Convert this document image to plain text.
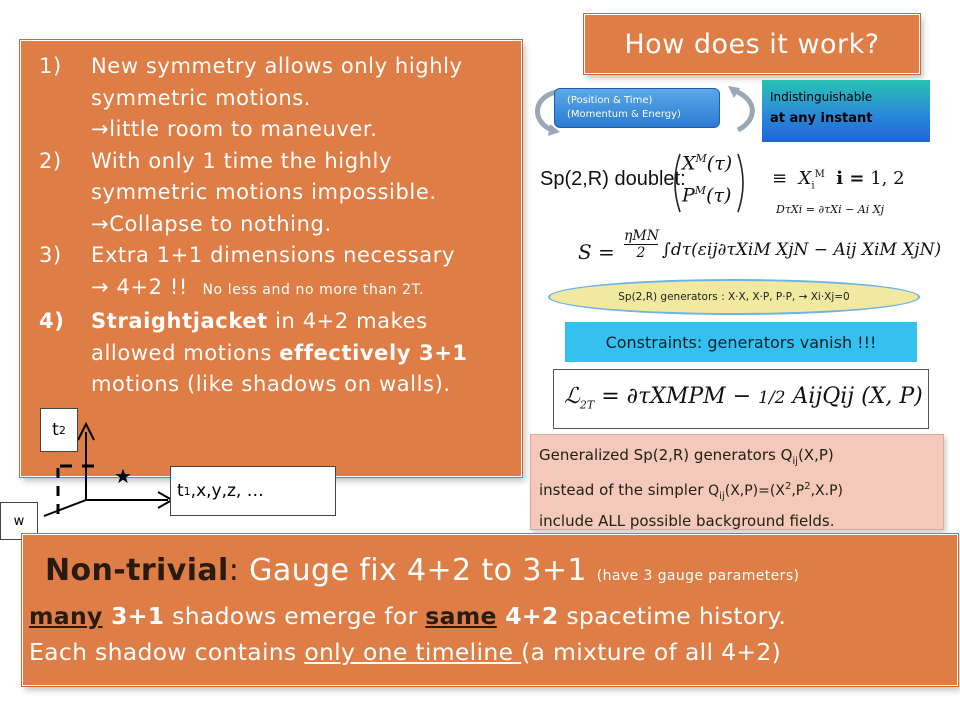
How does it work?
1)	New symmetry allows only highly
symmetric motions.
→little room to maneuver.
2)	With only 1 time the highly
symmetric motions impossible.
→Collapse to nothing.
3)	Extra 1+1 dimensions necessary
→ 4+2 !! No less and no more than 2T.
4)	Straightjacket in 4+2 makes
allowed motions effectively 3+1
motions (like shadows on walls).
(Position & Time)
(Momentum & Energy)
Indistinguishable
at any instant
Sp(2,R) doublet:
$X^M(\tau)$
$P^M(\tau)$
≡ $X_i^M$ i = 1, 2
DτXi = ∂τXi − Ai Xj
S =
ηMN
2 ∫dτ(εij∂τXiM XjN − Aij XiM XjN)
Sp(2,R) generators : X·X, X·P, P·P, → Xi·Xj=0
Constraints: generators vanish !!!
ℒ$_{2T}$ = ∂τXMPM − 1/2 AijQij (X, P)
Generalized Sp(2,R) generators $Q_{ij}(X,P)$
instead of the simpler $Q_{ij}(X,P)=(X^2,P^2,X.P)$
include ALL possible background fields.
★
t 2
t 1 ,x,y,z, …
w
Non-trivial: Gauge fix 4+2 to 3+1 (have 3 gauge parameters)
many 3+1 shadows emerge for same 4+2 spacetime history.
Each shadow contains only one timeline (a mixture of all 4+2)
